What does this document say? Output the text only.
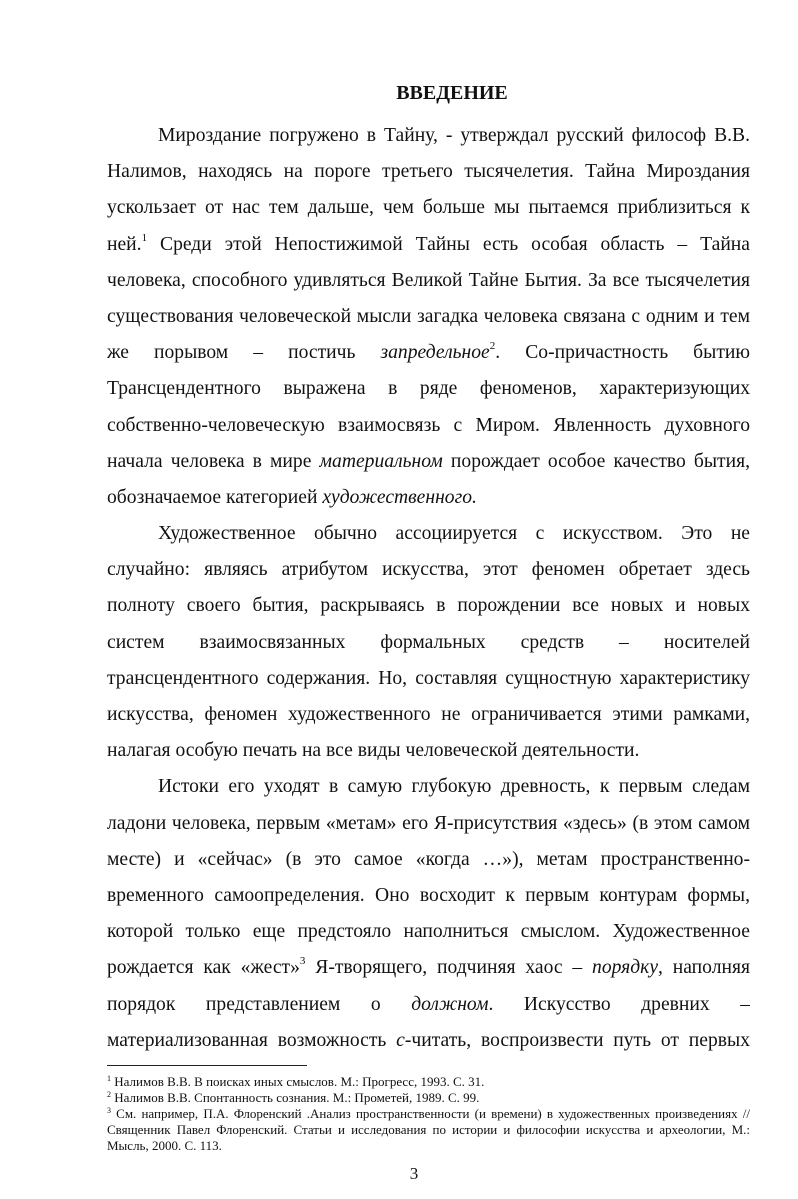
ВВЕДЕНИЕ
Мироздание погружено в Тайну, - утверждал русский философ В.В.
Налимов, находясь на пороге третьего тысячелетия. Тайна Мироздания
ускользает от нас тем дальше, чем больше мы пытаемся приблизиться к
ней.$^1$ Среди этой Непостижимой Тайны есть особая область – Тайна
человека, способного удивляться Великой Тайне Бытия. За все тысячелетия
существования человеческой мысли загадка человека связана с одним и тем
же порывом – постичь запредельное$^2$. Со-причастность бытию
Трансцендентного выражена в ряде феноменов, характеризующих
собственно-человеческую взаимосвязь с Миром. Явленность духовного
начала человека в мире материальном порождает особое качество бытия,
обозначаемое категорией художественного.
Художественное обычно ассоциируется с искусством. Это не
случайно: являясь атрибутом искусства, этот феномен обретает здесь
полноту своего бытия, раскрываясь в порождении все новых и новых
систем взаимосвязанных формальных средств – носителей
трансцендентного содержания. Но, составляя сущностную характеристику
искусства, феномен художественного не ограничивается этими рамками,
налагая особую печать на все виды человеческой деятельности.
Истоки его уходят в самую глубокую древность, к первым следам
ладони человека, первым «метам» его Я-присутствия «здесь» (в этом самом
месте) и «сейчас» (в это самое «когда …»), метам пространственно-
временного самоопределения. Оно восходит к первым контурам формы,
которой только еще предстояло наполниться смыслом. Художественное
рождается как «жест»$^3$ Я-творящего, подчиняя хаос – порядку, наполняя
порядок представлением о должном. Искусство древних –
материализованная возможность с-читать, воспроизвести путь от первых
$^1$ Налимов В.В. В поисках иных смыслов. М.: Прогресс, 1993. С. 31.
$^2$ Налимов В.В. Спонтанность сознания. М.: Прометей, 1989. С. 99.
$^3$ См. например, П.А. Флоренский .Анализ пространственности (и времени) в художественных произведениях // Священник Павел Флоренский. Статьи и исследования по истории и философии искусства и археологии, М.: Мысль, 2000. С. 113.
3
